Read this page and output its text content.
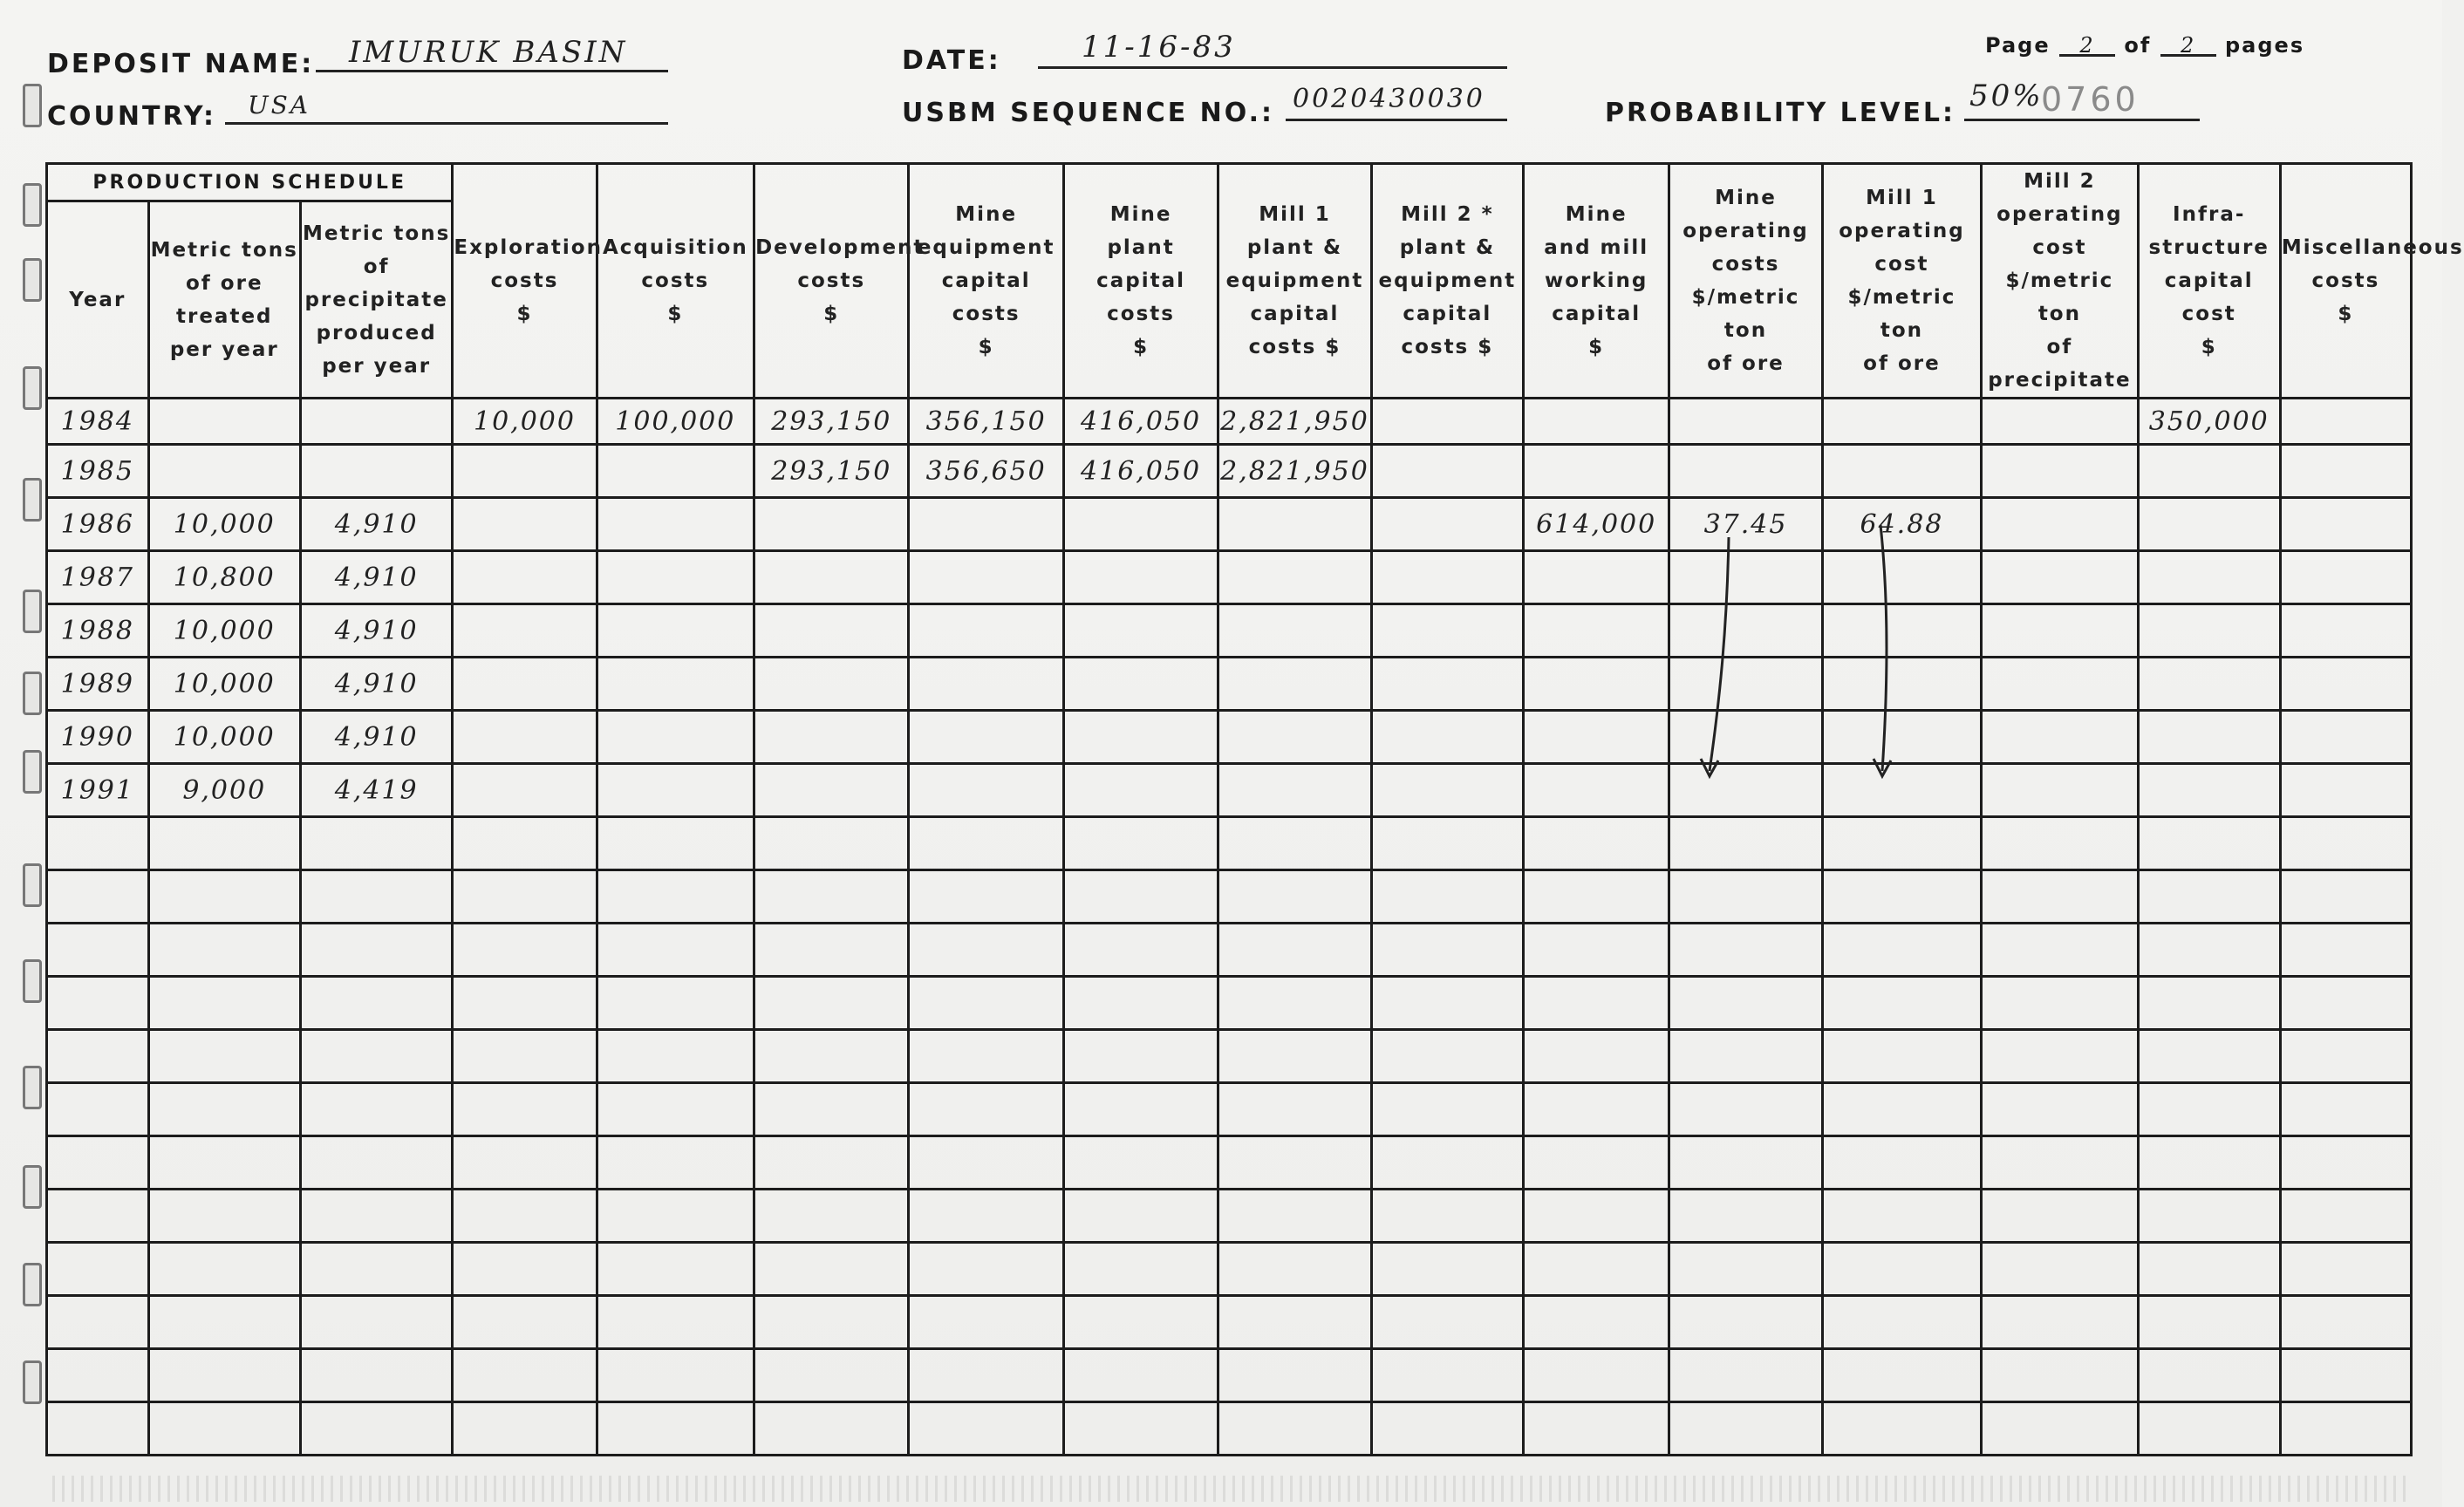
DEPOSIT NAME: IMURUK BASIN	DATE:	11-16-83	Page 2 of 2 pages
COUNTRY: USA	USBM SEQUENCE NO.: 0020430030	PROBABILITY LEVEL: 50%
0760
PRODUCTION SCHEDULE			Exploration
costs
$	Acquisition
costs
$	Development
costs
$	Mine
equipment
capital
costs
$	Mine
plant
capital
costs
$	Mill 1
plant &
equipment
capital
costs $	Mill 2 *
plant &
equipment
capital
costs $	Mine
and mill
working
capital
$	Mine
operating
costs
$/metric ton
of ore	Mill 1
operating
cost
$/metric ton
of ore	Mill 2
operating
cost
$/metric ton
of precipitate	Infra-
structure
capital
cost
$	Miscellaneous
costs
$
Year	Metric tons
of ore
treated
per year	Metric tons of
precipitate
produced
per year													
1984			10,000	100,000	293,150	356,150	416,050	2,821,950						350,000	
1985					293,150	356,650	416,050	2,821,950							
1986	10,000	4,910								614,000	37.45	64.88			
1987	10,800	4,910													
1988	10,000	4,910													
1989	10,000	4,910													
1990	10,000	4,910													
1991	9,000	4,419													
